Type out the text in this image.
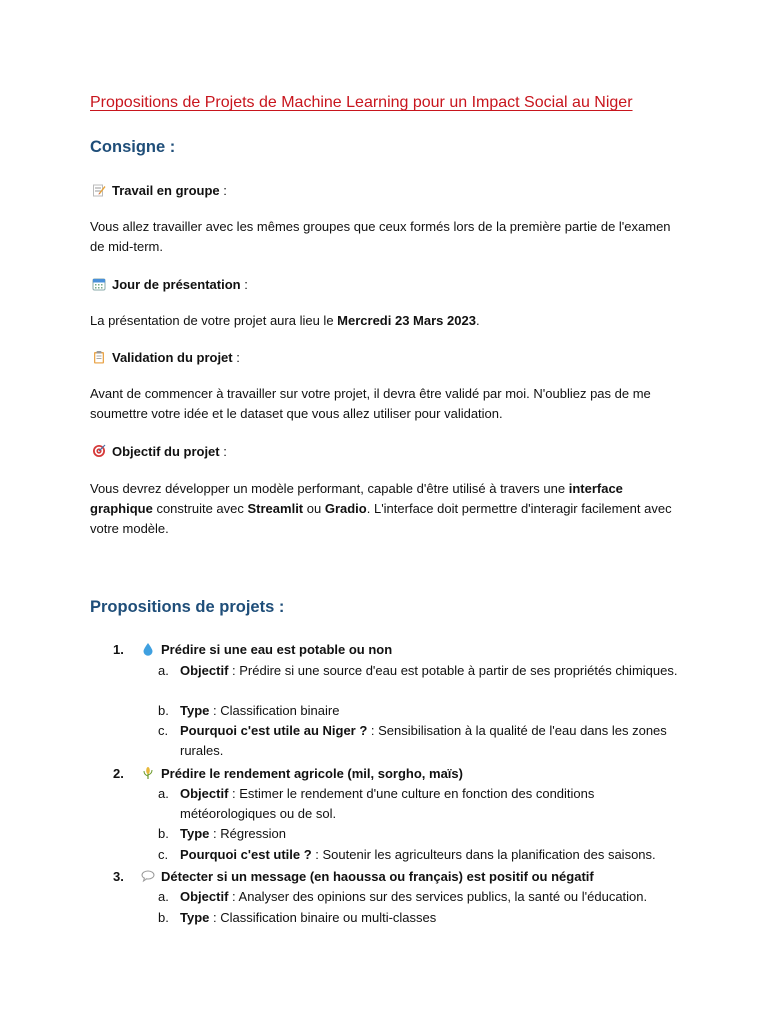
Propositions de Projets de Machine Learning pour un Impact Social au Niger
Consigne :
Travail en groupe :
Vous allez travailler avec les mêmes groupes que ceux formés lors de la première partie de l'examen de mid-term.
Jour de présentation :
La présentation de votre projet aura lieu le Mercredi 23 Mars 2023.
Validation du projet :
Avant de commencer à travailler sur votre projet, il devra être validé par moi. N'oubliez pas de me soumettre votre idée et le dataset que vous allez utiliser pour validation.
Objectif du projet :
Vous devrez développer un modèle performant, capable d'être utilisé à travers une interface graphique construite avec Streamlit ou Gradio. L'interface doit permettre d'interagir facilement avec votre modèle.
Propositions de projets :
1.	Prédire si une eau est potable ou non
a. Objectif : Prédire si une source d'eau est potable à partir de ses propriétés chimiques.
b. Type : Classification binaire
c. Pourquoi c'est utile au Niger ? : Sensibilisation à la qualité de l'eau dans les zones rurales.
2.	Prédire le rendement agricole (mil, sorgho, maïs)
a. Objectif : Estimer le rendement d'une culture en fonction des conditions météorologiques ou de sol.
b. Type : Régression
c. Pourquoi c'est utile ? : Soutenir les agriculteurs dans la planification des saisons.
3.	Détecter si un message (en haoussa ou français) est positif ou négatif
a. Objectif : Analyser des opinions sur des services publics, la santé ou l'éducation.
b. Type : Classification binaire ou multi-classes
